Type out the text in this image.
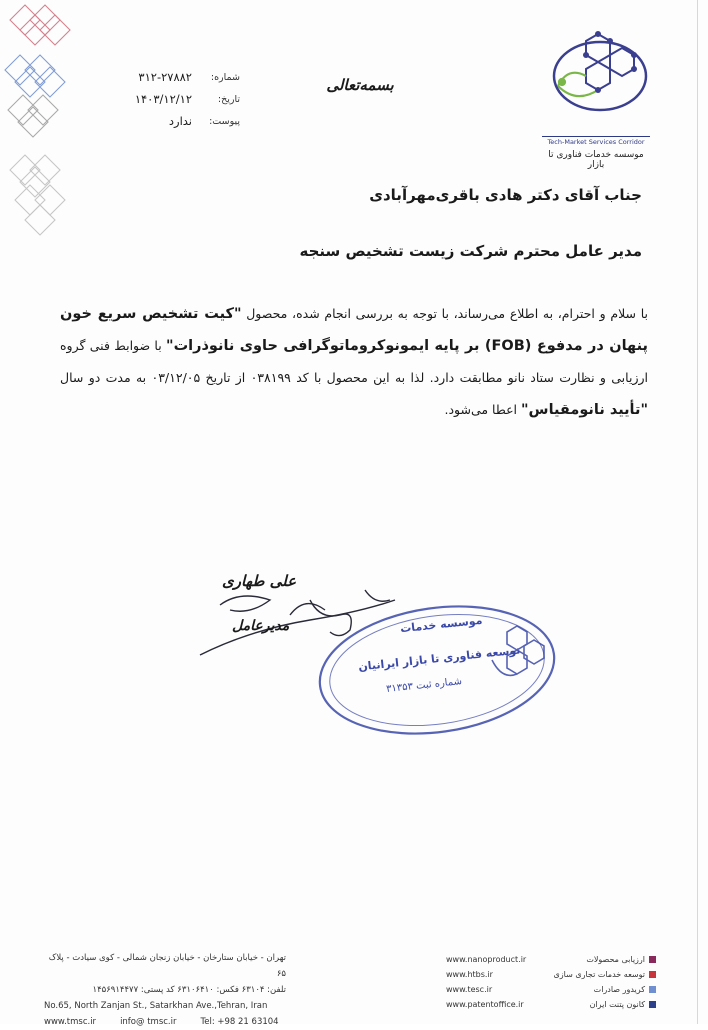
Tech-Market Services Corridor
موسسه خدمات فناوری تا بازار
بسمه‌تعالی
شماره:
۳۱۲-۲۷۸۸۲
تاریخ:
۱۴۰۳/۱۲/۱۲
پیوست:
ندارد
جناب آقای دکتر هادی باقری‌مهرآبادی
مدیر عامل محترم شرکت زیست تشخیص سنجه
با سلام و احترام، به اطلاع می‌رساند، با توجه به بررسی انجام شده، محصول "کیت تشخیص سریع خون پنهان در مدفوع (FOB) بر پایه ایمونوکروماتوگرافی حاوی نانوذرات" با ضوابط فنی گروه ارزیابی و نظارت ستاد نانو مطابقت دارد. لذا به این محصول با کد ۰۳۸۱۹۹ از تاریخ ۰۳/۱۲/۰۵ به مدت دو سال "تأیید نانومقیاس" اعطا می‌شود.
علی طهاری
مدیرعامل	موسسه خدمات
توسعه فناوری تا بازار ایرانیان
شماره ثبت ۳۱۳۵۳
تهران - خیابان ستارخان - خیابان زنجان شمالی - کوی سیادت - پلاک ۶۵
تلفن: ۶۳۱۰۴ فکس: ۶۳۱۰۶۴۱۰ کد پستی: ۱۴۵۶۹۱۴۴۷۷
No.65, North Zanjan St., Satarkhan Ave.,Tehran, Iran
www.tmsc.ir	info@ tmsc.ir	Tel: +98 21 63104
www.nanoproduct.ir	ارزیابی محصولات
www.htbs.ir	توسعه خدمات تجاری سازی
www.tesc.ir	کریدور صادرات
www.patentoffice.ir	کانون پتنت ایران
